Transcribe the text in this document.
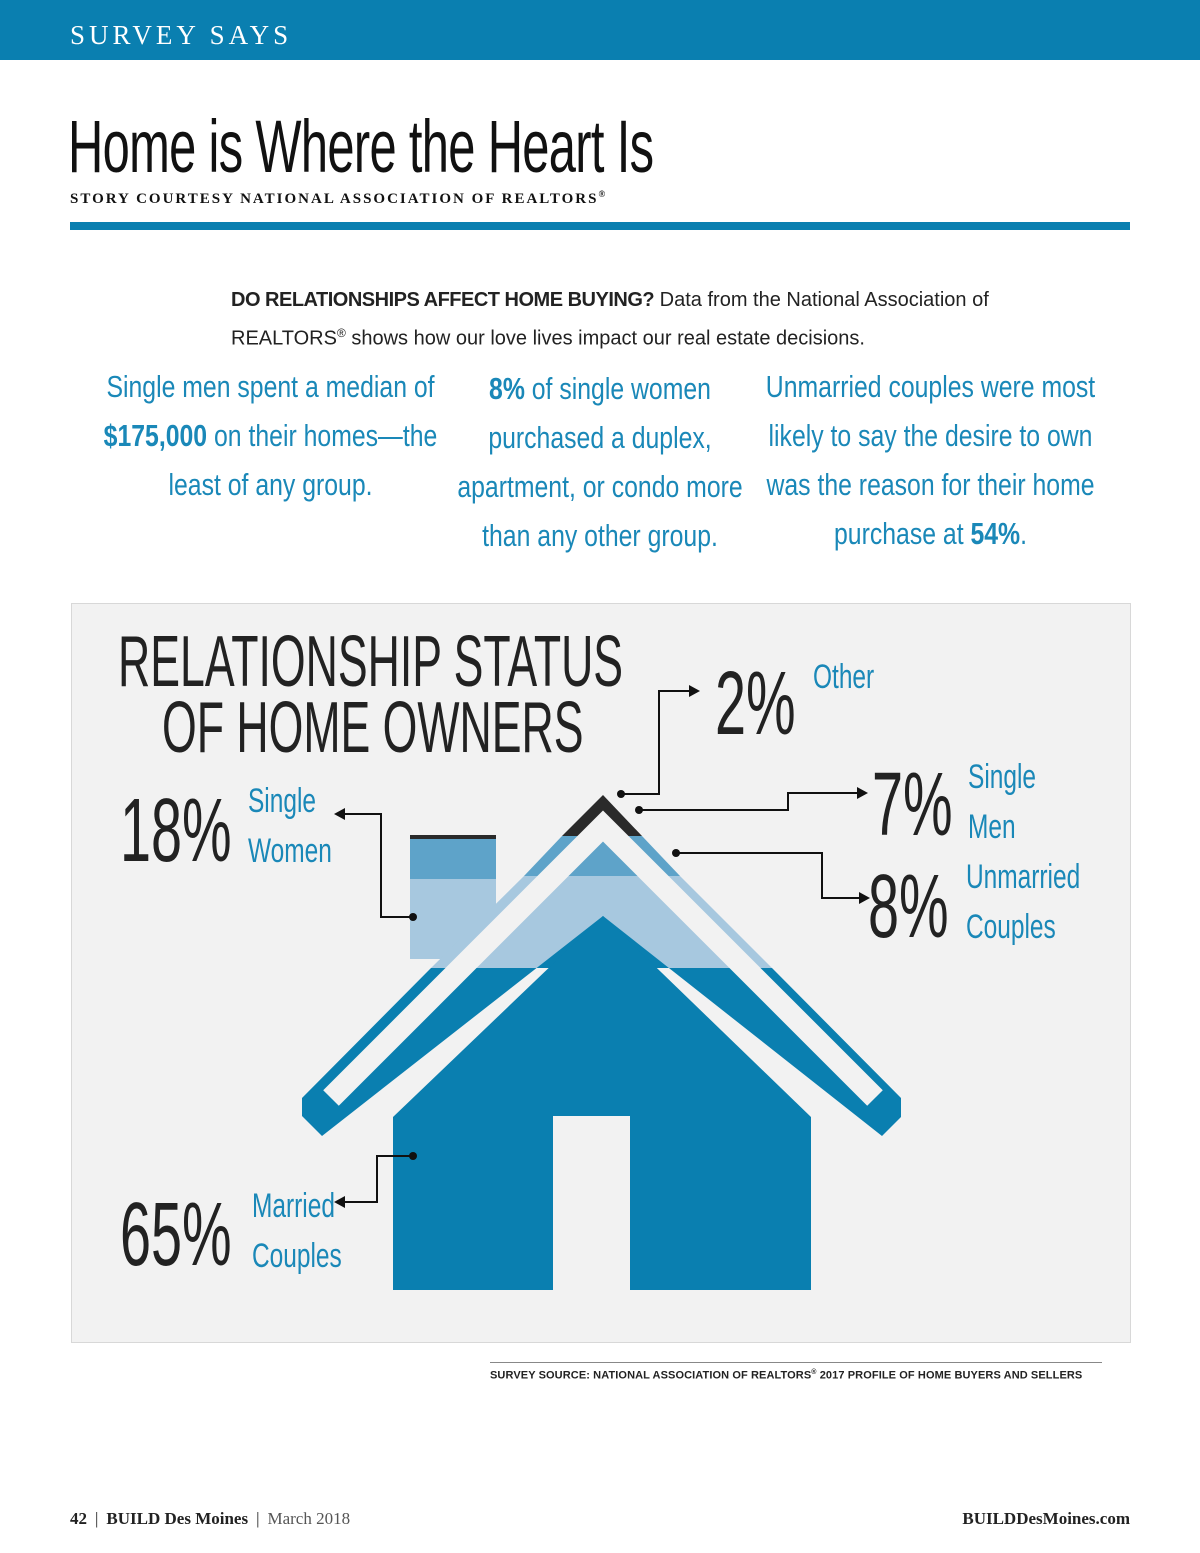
SURVEY SAYS
Home is Where the Heart Is
STORY COURTESY NATIONAL ASSOCIATION OF REALTORS®
DO RELATIONSHIPS AFFECT HOME BUYING? Data from the National Association of REALTORS® shows how our love lives impact our real estate decisions.
Single men spent a median of $175,000 on their homes—the least of any group.
8% of single women purchased a duplex, apartment, or condo more than any other group.
Unmarried couples were most likely to say the desire to own was the reason for their home purchase at 54%.
RELATIONSHIP STATUS
OF HOME OWNERS 2% Other
7% Single
Men
8% Unmarried
Couples
18% Single
Women
65% Married
Couples
SURVEY SOURCE: NATIONAL ASSOCIATION OF REALTORS® 2017 PROFILE OF HOME BUYERS AND SELLERS
42 | BUILD Des Moines | March 2018	BUILDDesMoines.com
